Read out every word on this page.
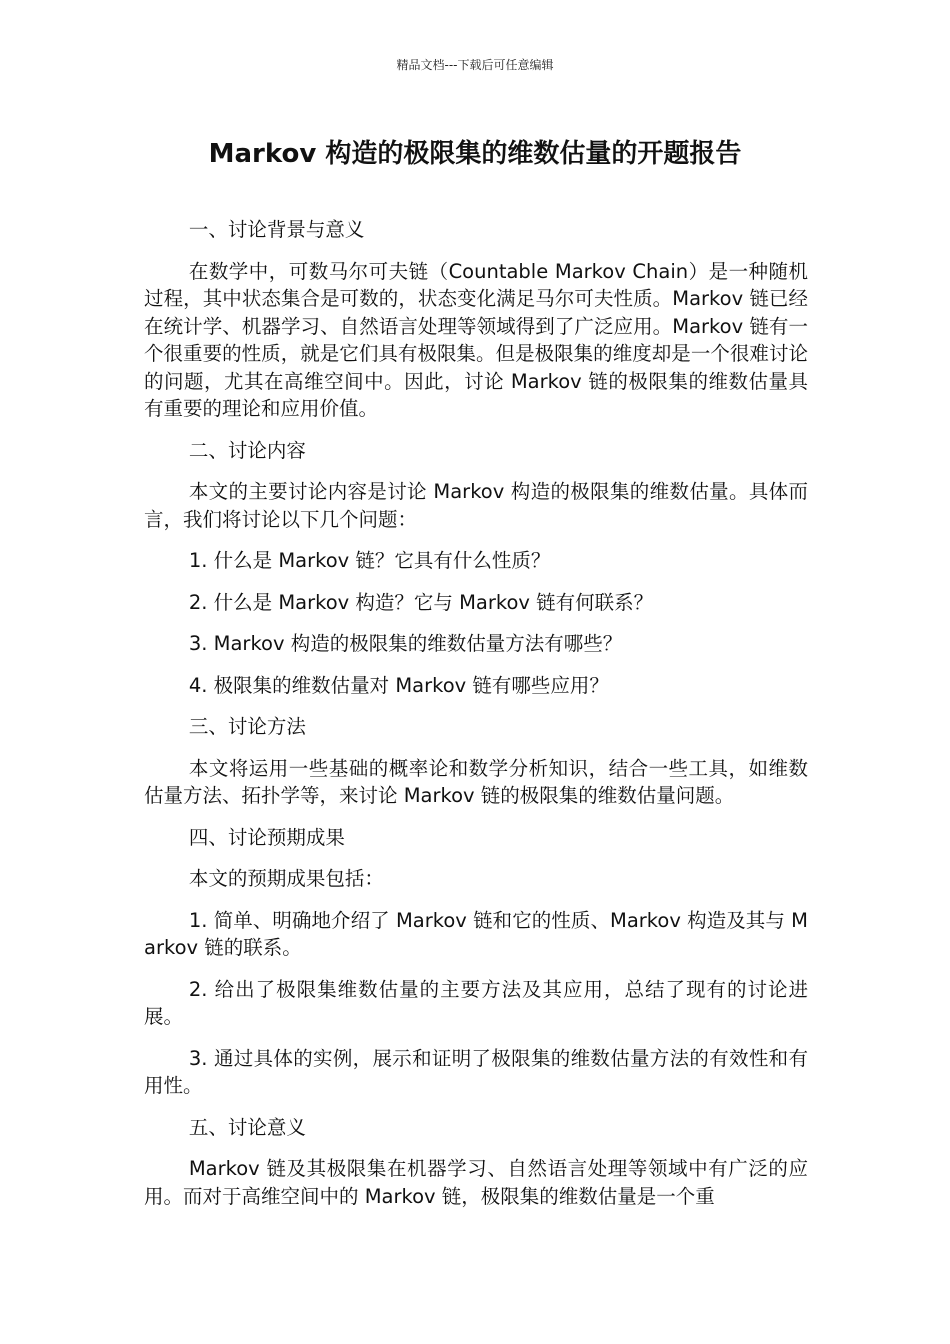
精品文档---下载后可任意编辑
Markov 构造的极限集的维数估量的开题报告

一、讨论背景与意义

在数学中，可数马尔可夫链（Countable Markov Chain）是一种随机过程，其中状态集合是可数的，状态变化满足马尔可夫性质。Markov 链已经在统计学、机器学习、自然语言处理等领域得到了广泛应用。Markov 链有一个很重要的性质，就是它们具有极限集。但是极限集的维度却是一个很难讨论的问题，尤其在高维空间中。因此，讨论 Markov 链的极限集的维数估量具有重要的理论和应用价值。

二、讨论内容

本文的主要讨论内容是讨论 Markov 构造的极限集的维数估量。具体而言，我们将讨论以下几个问题：

1. 什么是 Markov 链？它具有什么性质？

2. 什么是 Markov 构造？它与 Markov 链有何联系？

3. Markov 构造的极限集的维数估量方法有哪些？

4. 极限集的维数估量对 Markov 链有哪些应用？

三、讨论方法

本文将运用一些基础的概率论和数学分析知识，结合一些工具，如维数估量方法、拓扑学等，来讨论 Markov 链的极限集的维数估量问题。

四、讨论预期成果

本文的预期成果包括：

1. 简单、明确地介绍了 Markov 链和它的性质、Markov 构造及其与 Markov 链的联系。

2. 给出了极限集维数估量的主要方法及其应用，总结了现有的讨论进展。

3. 通过具体的实例，展示和证明了极限集的维数估量方法的有效性和有用性。

五、讨论意义

Markov 链及其极限集在机器学习、自然语言处理等领域中有广泛的应用。而对于高维空间中的 Markov 链，极限集的维数估量是一个重
